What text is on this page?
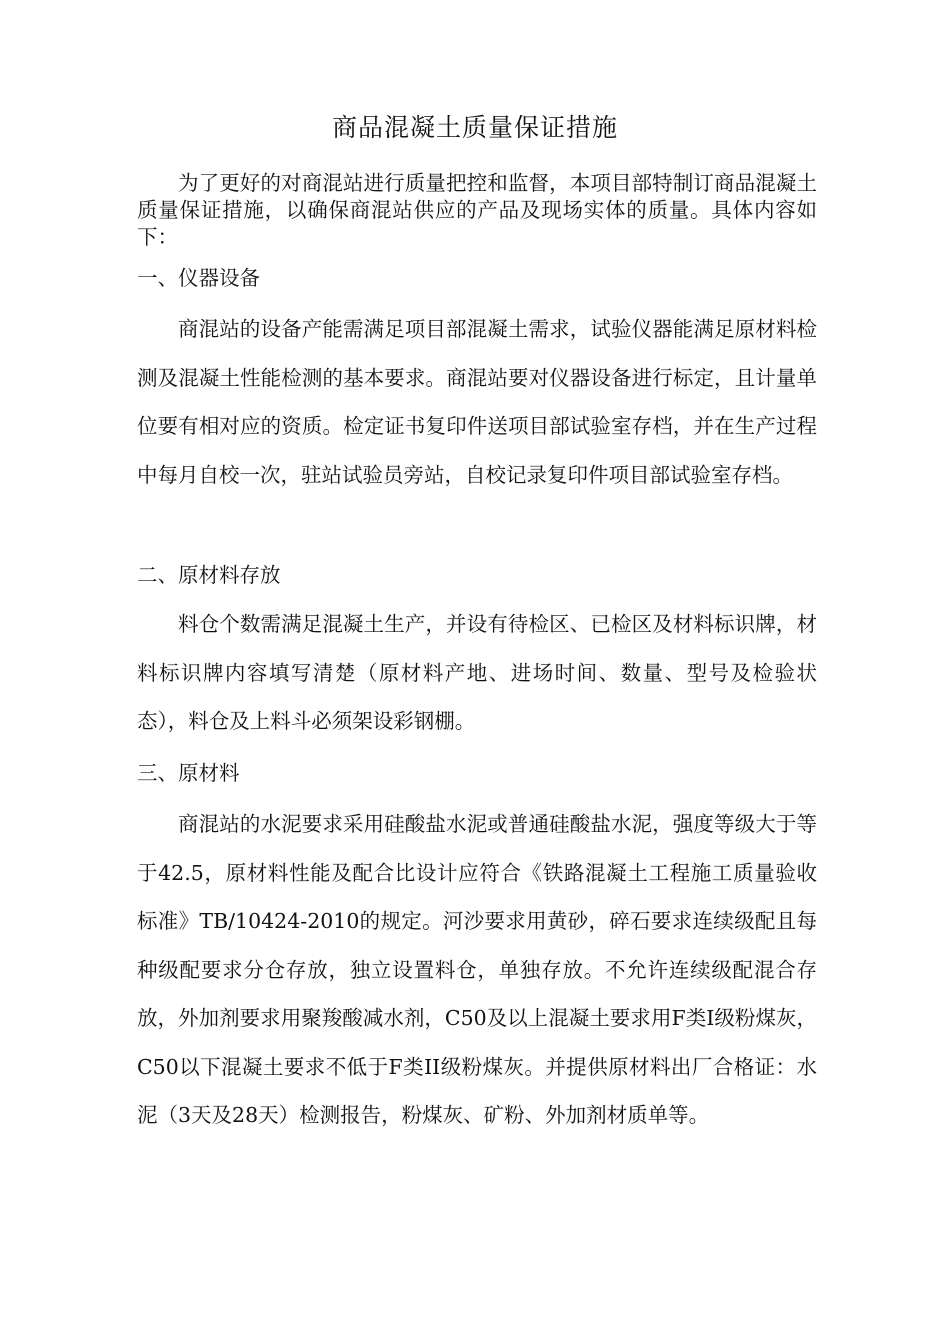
商品混凝土质量保证措施

为了更好的对商混站进行质量把控和监督，本项目部特制订商品混凝土质量保证措施，以确保商混站供应的产品及现场实体的质量。具体内容如下：

一、仪器设备

商混站的设备产能需满足项目部混凝土需求，试验仪器能满足原材料检测及混凝土性能检测的基本要求。商混站要对仪器设备进行标定，且计量单位要有相对应的资质。检定证书复印件送项目部试验室存档，并在生产过程中每月自校一次，驻站试验员旁站，自校记录复印件项目部试验室存档。

二、原材料存放

料仓个数需满足混凝土生产，并设有待检区、已检区及材料标识牌，材料标识牌内容填写清楚（原材料产地、进场时间、数量、型号及检验状态），料仓及上料斗必须架设彩钢棚。

三、原材料

商混站的水泥要求采用硅酸盐水泥或普通硅酸盐水泥，强度等级大于等于42.5，原材料性能及配合比设计应符合《铁路混凝土工程施工质量验收标准》TB/10424-2010的规定。河沙要求用黄砂，碎石要求连续级配且每种级配要求分仓存放，独立设置料仓，单独存放。不允许连续级配混合存放，外加剂要求用聚羧酸减水剂，C50及以上混凝土要求用F类I级粉煤灰，C50以下混凝土要求不低于F类II级粉煤灰。并提供原材料出厂合格证：水泥（3天及28天）检测报告，粉煤灰、矿粉、外加剂材质单等。
